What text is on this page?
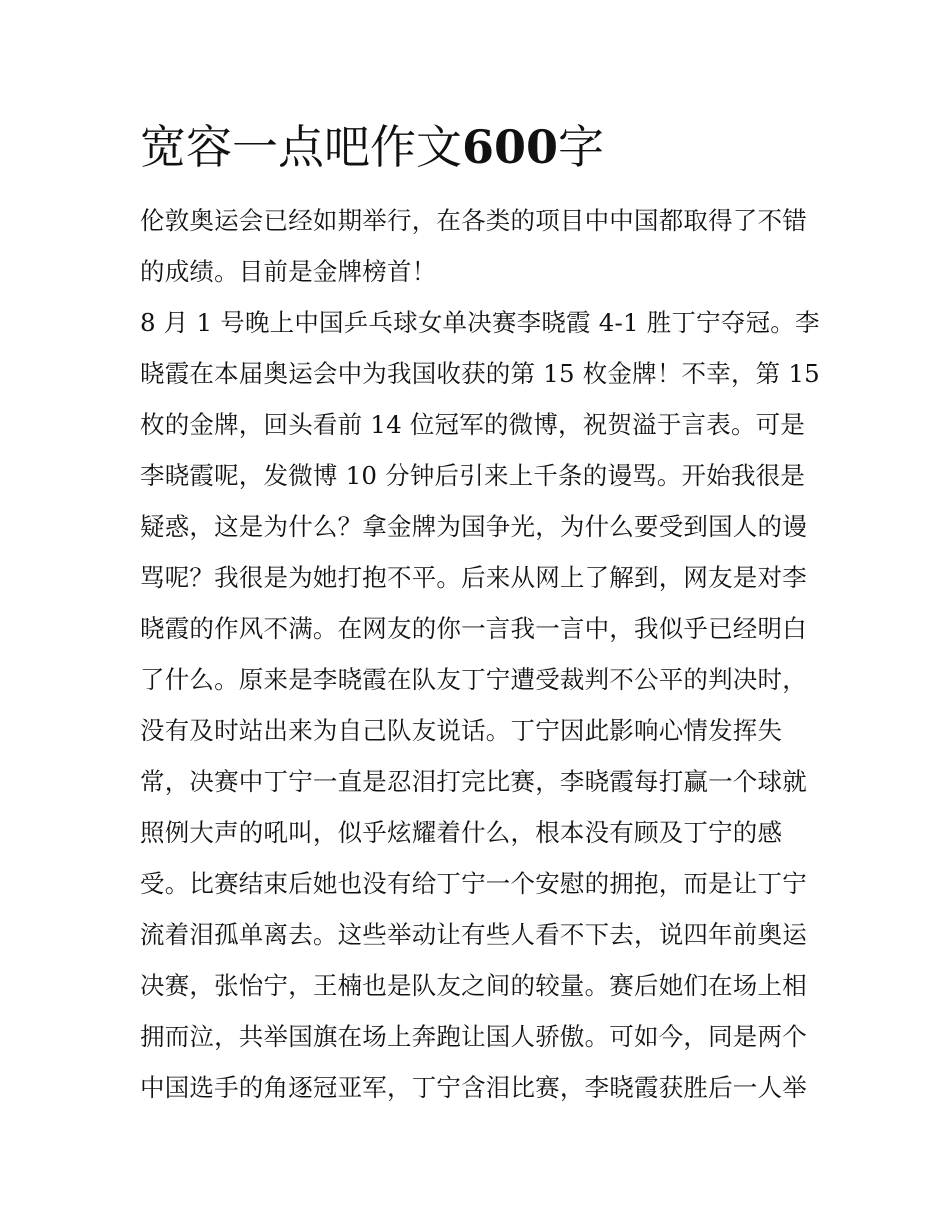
宽容一点吧作文600字
伦敦奥运会已经如期举行，在各类的项目中中国都取得了不错
的成绩。目前是金牌榜首！
8 月 1 号晚上中国乒乓球女单决赛李晓霞 4-1 胜丁宁夺冠。李
晓霞在本届奥运会中为我国收获的第 15 枚金牌！不幸，第 15
枚的金牌，回头看前 14 位冠军的微博，祝贺溢于言表。可是
李晓霞呢，发微博 10 分钟后引来上千条的谩骂。开始我很是
疑惑，这是为什么？拿金牌为国争光，为什么要受到国人的谩
骂呢？我很是为她打抱不平。后来从网上了解到，网友是对李
晓霞的作风不满。在网友的你一言我一言中，我似乎已经明白
了什么。原来是李晓霞在队友丁宁遭受裁判不公平的判决时，
没有及时站出来为自己队友说话。丁宁因此影响心情发挥失
常，决赛中丁宁一直是忍泪打完比赛，李晓霞每打赢一个球就
照例大声的吼叫，似乎炫耀着什么，根本没有顾及丁宁的感
受。比赛结束后她也没有给丁宁一个安慰的拥抱，而是让丁宁
流着泪孤单离去。这些举动让有些人看不下去，说四年前奥运
决赛，张怡宁，王楠也是队友之间的较量。赛后她们在场上相
拥而泣，共举国旗在场上奔跑让国人骄傲。可如今，同是两个
中国选手的角逐冠亚军，丁宁含泪比赛，李晓霞获胜后一人举
